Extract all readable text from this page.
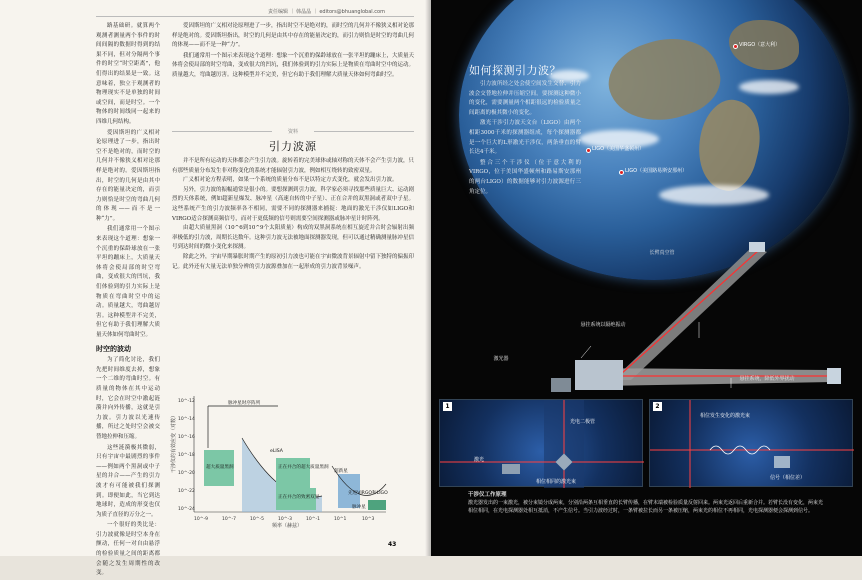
责任编辑 ｜ 韩晶晶 ｜ editors@bhuanglobal.com

路基础研。就算两个观测者测量两个事件的时间间隔的数据时得到的结果不同，但对分隔两个事件的时空“时空距离”，他们得出的结果是一致。这意味着，独立于观测者的物理现实不是单独的时间或空间，而是时空。一个物体的时间线同一起来的四维几何结构。

爱因斯坦的广义相对论原理进了一步，指出时空不是绝对的，而时空的几何并不像狭义相对论那样是绝对的。爱因斯坦指出，时空的几何是由其中存在的能量决定的，而引力则恰是时空的弯曲几何的体现——而不是一种“力”。

我们通常用一个图示来表现这个道理：想象一个沉重的保龄球放在一张平坦的蹦床上，大质量天体将会使局部的时空弯曲，变成很大的凹坑，我们体验到的引力实际上是物质在弯曲时空中的运动。质量越大，弯曲越厉害。这种模型并不完美，但它有助于我们理解大质量天体如何弯曲时空。

时空的波动

为了简化讨论，我们先把时间维度去掉，想象一个二维的弯曲时空。有质量的物体在其中运动时，它会在时空中激起涟漪并向外传播，这就是引力波。引力波以光速传播，所过之处时空会被交替地拉伸和压缩。

这些涟漪极其微弱，只有宇宙中最剧烈的事件——例如两个黑洞或中子星的并合——产生的引力波才有可能被我们探测到。即便如此，当它到达地球时，造成的形变也仅为质子直径的万分之一。

一个很好的类比是：引力波就像是时空本身在颤动，任何一对自由悬浮的检验质量之间的距离都会随之发生周期性的改变。

爱因斯坦的广义相对论原理进了一步，指出时空不是绝对的，而时空的几何并不像狭义相对论那样是绝对的。爱因斯坦指出，时空的几何是由其中存在的能量决定的，而引力则恰是时空的弯曲几何的体现——而不是一种“力”。

我们通常用一个图示来表现这个道理：想象一个沉重的保龄球放在一张平坦的蹦床上，大质量天体将会使局部的时空弯曲，变成很大的凹坑，我们体验到的引力实际上是物质在弯曲时空中的运动。质量越大，弯曲越厉害。这种模型并不完美，但它有助于我们理解大质量天体如何弯曲时空。

资料
引力波源

并不是所有运动的天体都会产生引力波。旋转着的完美球体或轴对称的天体不会产生引力波，只有那些质量分布发生非对称变化的系统才能辐射引力波，例如相互绕转的致密双星。

广义相对论方程表明，如果一个系统的质量分布不是以特定方式变化，就会发出引力波。

另外，引力波的振幅通常是很小的。要想探测到引力波，科学家必须寻找那些质量巨大、运动剧烈的天体系统，例如超新星爆发、脉冲星（高速自转的中子星）、正在合并的双黑洞或者双中子星。这些系统产生的引力波频率各不相同，需要不同的探测器来捕捉：地面的激光干涉仪如LIGO和VIRGO适合探测高频信号，而对于更低频的信号则需要空间探测器或脉冲星计时阵列。

由超大质量黑洞（10^6到10^9个太阳质量）构成的双黑洞系统在相互旋近并合时会辐射出频率极低的引力波，周期长达数年。这种引力波无法被地面探测器发现，但可以通过精确测量脉冲星信号到达时间的微小变化来探测。

除此之外，宇宙早期暴胀时期产生的原初引力波也可能在宇宙微波背景辐射中留下独特的偏振印记。此外还有大量无法单独分辨的引力波源叠加在一起形成的引力波背景噪声。

干涉仪的有效应变（对数）
10^-12
10^-14
10^-16
10^-18
10^-20
10^-22
10^-24
10^-9	10^-7	10^-5	10^-3	10^-1	10^1	10^3
频率（赫兹）
脉冲星时序阵列
超大质量黑洞
eLISA
正在并合的超大质量黑洞
正在并合的致密双星
超新星
先进VIRGO和LIGO
脉冲星
43
如何探测引力波？

引力波所经之处会使空间发生交替、引力波会交替地拉伸并压缩空间。要探测这种微小的变化，需要测量两个相距很远的检验质量之间距离的极其微小的变化。

激光干涉引力波天文台（LIGO）由两个相距3000千米的探测器组成，每个探测器都是一个巨大的L形激光干涉仪，两条垂直的臂长达4千米。

整合三个干涉仪（位于意大利的VIRGO，位于美国华盛顿州和路易斯安那州的两台LIGO）的数据能够对引力波源进行三角定位。

VIRGO（意大利）
LIGO（美国华盛顿州）
LIGO（美国路易斯安那州）
长臂真空管
激光器
悬挂系统以隔绝振动
悬挂系统，降低外界扰动
1
激光
光电二极管
相位相同的激光束
2
相位发生变化的激光束
信号（相位差）
干涉仪工作原理
激光器发出的一束激光，被分束镜分成两束，分别沿两条互相垂直的长臂传播，在臂末端被检验质量反射回来。两束光返回后重新合并。若臂长没有变化，两束光相位相同，在光电探测器处相互抵消，不产生信号。当引力波经过时，一条臂被拉长而另一条被压缩，两束光的相位不再相同，光电探测器便会探测到信号。
